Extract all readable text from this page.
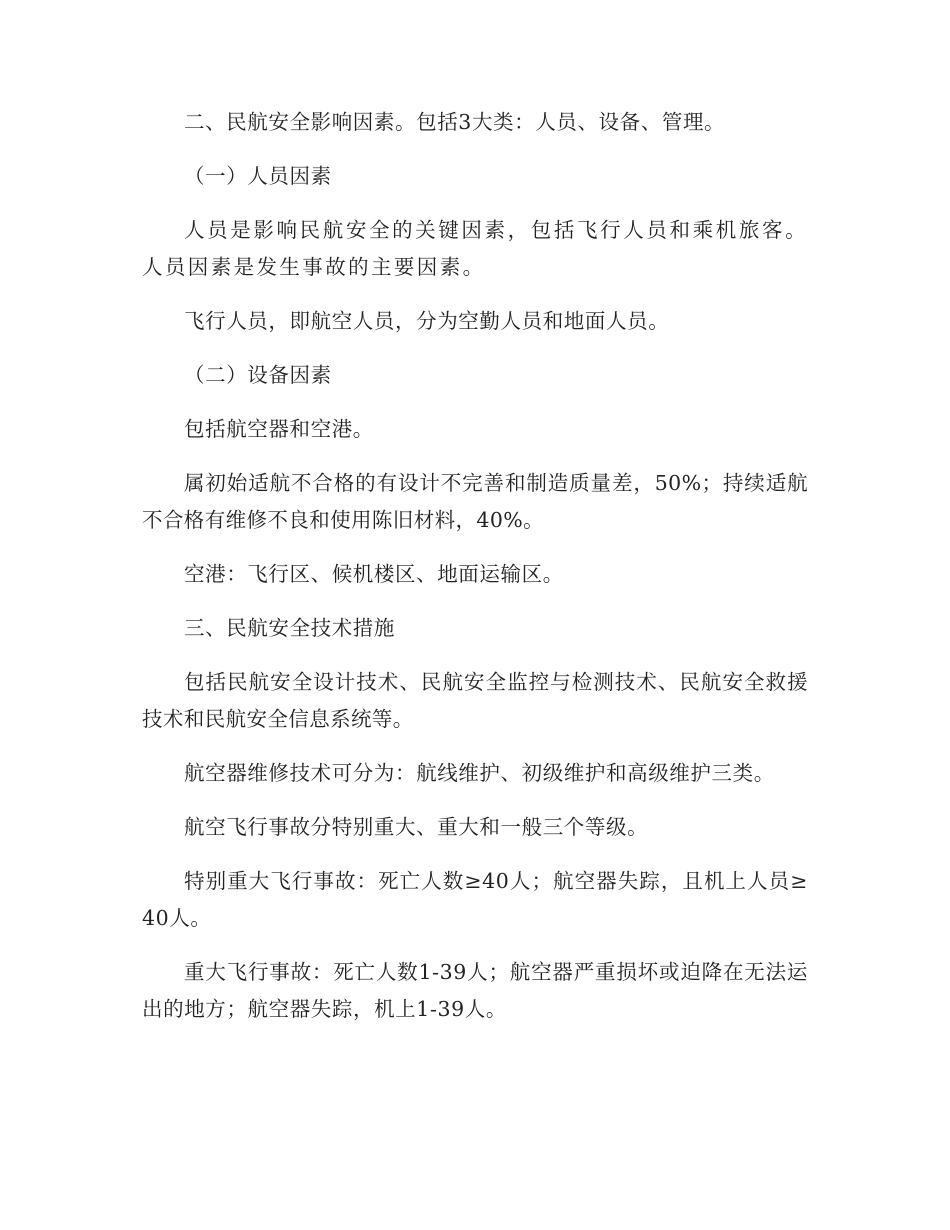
二、民航安全影响因素。包括3大类：人员、设备、管理。

（一）人员因素

人员是影响民航安全的关键因素，包括飞行人员和乘机旅客。人员因素是发生事故的主要因素。

飞行人员，即航空人员，分为空勤人员和地面人员。

（二）设备因素

包括航空器和空港。

属初始适航不合格的有设计不完善和制造质量差，50%；持续适航不合格有维修不良和使用陈旧材料，40%。

空港：飞行区、候机楼区、地面运输区。

三、民航安全技术措施

包括民航安全设计技术、民航安全监控与检测技术、民航安全救援技术和民航安全信息系统等。

航空器维修技术可分为：航线维护、初级维护和高级维护三类。

航空飞行事故分特别重大、重大和一般三个等级。

特别重大飞行事故：死亡人数≥40人；航空器失踪，且机上人员≥40人。

重大飞行事故：死亡人数1-39人；航空器严重损坏或迫降在无法运出的地方；航空器失踪，机上1-39人。
